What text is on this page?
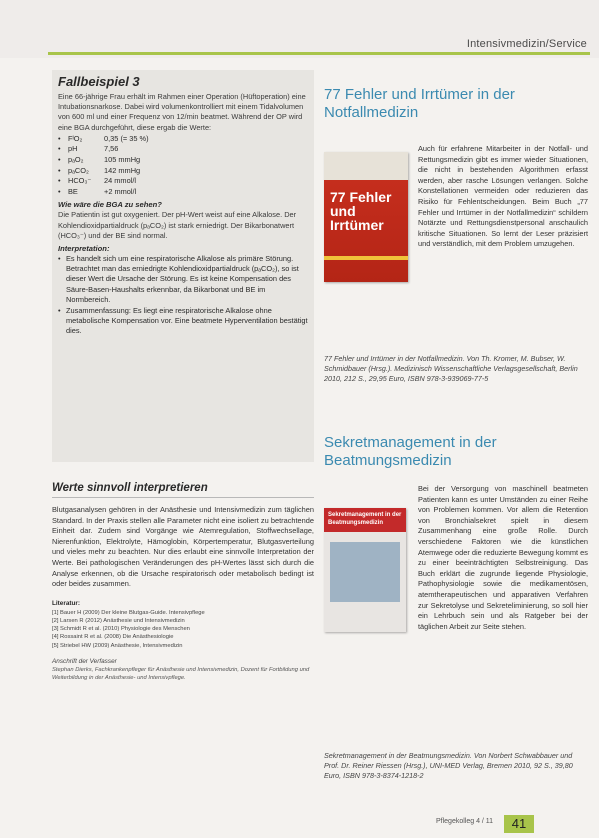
Intensivmedizin/Service

Fallbeispiel 3

Eine 66-jährige Frau erhält im Rahmen einer Operation (Hüftoperation) eine Intubationsnarkose. Dabei wird volumenkontrolliert mit einem Tidalvolumen von 600 ml und einer Frequenz von 12/min beatmet. Während der OP wird eine BGA durchgeführt, diese ergab die Werte:

•	FᴵO₂	0,35 (= 35 %)
•	pH	7,56
•	pₐO₂	105 mmHg
•	pₐCO₂	142 mmHg
•	HCO₃⁻	24 mmol/l
•	BE	+2 mmol/l

Wie wäre die BGA zu sehen?

Die Patientin ist gut oxygeniert. Der pH-Wert weist auf eine Alkalose. Der Kohlendioxidpartialdruck (pₐCO₂) ist stark erniedrigt. Der Bikarbonatwert (HCO₃⁻) und der BE sind normal.

Interpretation:

• Es handelt sich um eine respiratorische Alkalose als primäre Störung. Betrachtet man das erniedrigte Kohlendioxidpartialdruck (pₐCO₂), so ist dieser Wert die Ursache der Störung. Es ist keine Kompensation des Säure-Basen-Haushalts erkennbar, da Bikarbonat und BE im Normbereich.
• Zusammenfassung: Es liegt eine respiratorische Alkalose ohne metabolische Kompensation vor. Eine beatmete Hyperventilation bestätigt dies.

Werte sinnvoll interpretieren

Blutgasanalysen gehören in der Anästhesie und Intensivmedizin zum täglichen Standard. In der Praxis stellen alle Parameter nicht eine isoliert zu betrachtende Einheit dar. Zudem sind Vorgänge wie Atemregulation, Stoffwechsellage, Nierenfunktion, Elektrolyte, Hämoglobin, Körpertemperatur, Blutgasverteilung und vieles mehr zu beachten. Nur dies erlaubt eine sinnvolle Interpretation der Werte. Bei pathologischen Veränderungen des pH-Wertes lässt sich durch die Analyse erkennen, ob die Ursache respiratorisch oder metabolisch bedingt ist oder beides zusammen.

Literatur:

[1] Bauer H (2009) Der kleine Blutgas-Guide. Intensivpflege
[2] Larsen R (2012) Anästhesie und Intensivmedizin
[3] Schmidt R et al. (2010) Physiologie des Menschen
[4] Rossaint R et al. (2008) Die Anästhesiologie
[5] Striebel HW (2009) Anästhesie, Intensivmedizin

Anschrift der Verfasser

Stephan Dierks, Fachkrankenpfleger für Anästhesie und Intensivmedizin, Dozent für Fortbildung und Weiterbildung in der Anästhesie- und Intensivpflege.

77 Fehler und Irrtümer in der Notfallmedizin

77 Fehler und Irrtümer

Auch für erfahrene Mitarbeiter in der Notfall- und Rettungsmedizin gibt es immer wieder Situationen, die nicht in bestehenden Algorithmen erfasst werden, aber rasche Lösungen verlangen. Solche Konstellationen vermeiden oder reduzieren das Risiko für Fehlentscheidungen. Beim Buch „77 Fehler und Irrtümer in der Notfallmedizin“ schildern Notärzte und Rettungsdienstpersonal anschaulich kritische Situationen. So lernt der Leser präzisiert und verständlich, mit dem Problem umzugehen.

77 Fehler und Irrtümer in der Notfallmedizin. Von Th. Kromer, M. Bubser, W. Schmidbauer (Hrsg.). Medizinisch Wissenschaftliche Verlagsgesellschaft, Berlin 2010, 212 S., 29,95 Euro, ISBN 978-3-939069-77-5

Sekretmanagement in der Beatmungsmedizin

Sekretmanagement in der Beatmungsmedizin

Bei der Versorgung von maschinell beatmeten Patienten kann es unter Umständen zu einer Reihe von Problemen kommen. Vor allem die Retention von Bronchialsekret spielt in diesem Zusammenhang eine große Rolle. Durch verschiedene Faktoren wie die künstlichen Atemwege oder die reduzierte Bewegung kommt es zu einer beeinträchtigten Selbstreinigung. Das Buch erklärt die zugrunde liegende Physiologie, Pathophysiologie sowie die medikamentösen, atemtherapeutischen und apparativen Verfahren zur Sekretolyse und Sekreteliminierung, so soll hier ein Lehrbuch sein und als Ratgeber bei der täglichen Arbeit zur Seite stehen.

Sekretmanagement in der Beatmungsmedizin. Von Norbert Schwabbauer und Prof. Dr. Reiner Riessen (Hrsg.), UNI-MED Verlag, Bremen 2010, 92 S., 39,80 Euro, ISBN 978-3-8374-1218-2

Pflegekolleg 4 / 11	41
